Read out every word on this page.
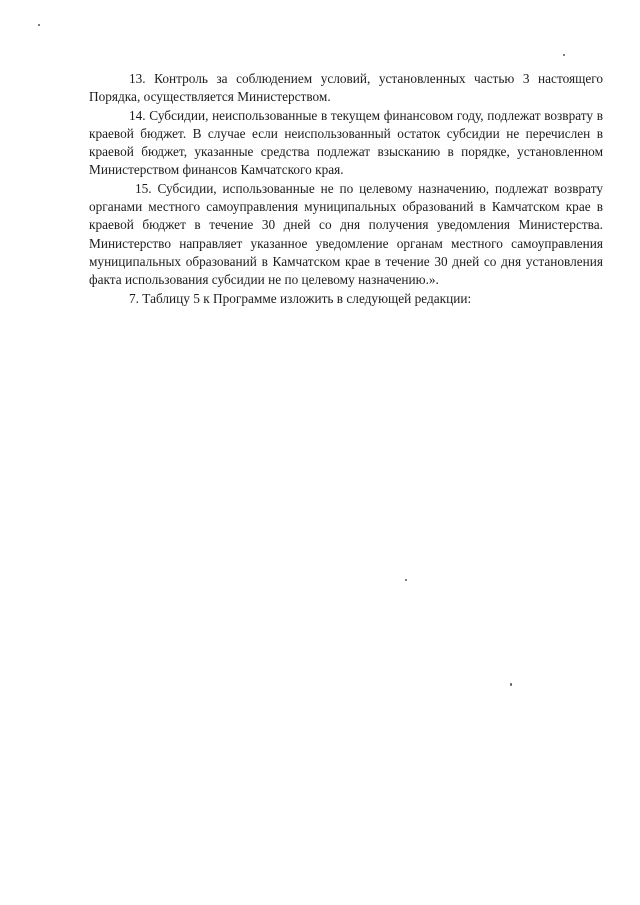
13. Контроль за соблюдением условий, установленных частью 3 настоящего Порядка, осуществляется Министерством.

14. Субсидии, неиспользованные в текущем финансовом году, подлежат возврату в краевой бюджет. В случае если неиспользованный остаток субсидии не перечислен в краевой бюджет, указанные средства подлежат взысканию в порядке, установленном Министерством финансов Камчатского края.

15. Субсидии, использованные не по целевому назначению, подлежат возврату органами местного самоуправления муниципальных образований в Камчатском крае в краевой бюджет в течение 30 дней со дня получения уведомления Министерства. Министерство направляет указанное уведомление органам местного самоуправления муниципальных образований в Камчатском крае в течение 30 дней со дня установления факта использования субсидии не по целевому назначению.».

7. Таблицу 5 к Программе изложить в следующей редакции:
